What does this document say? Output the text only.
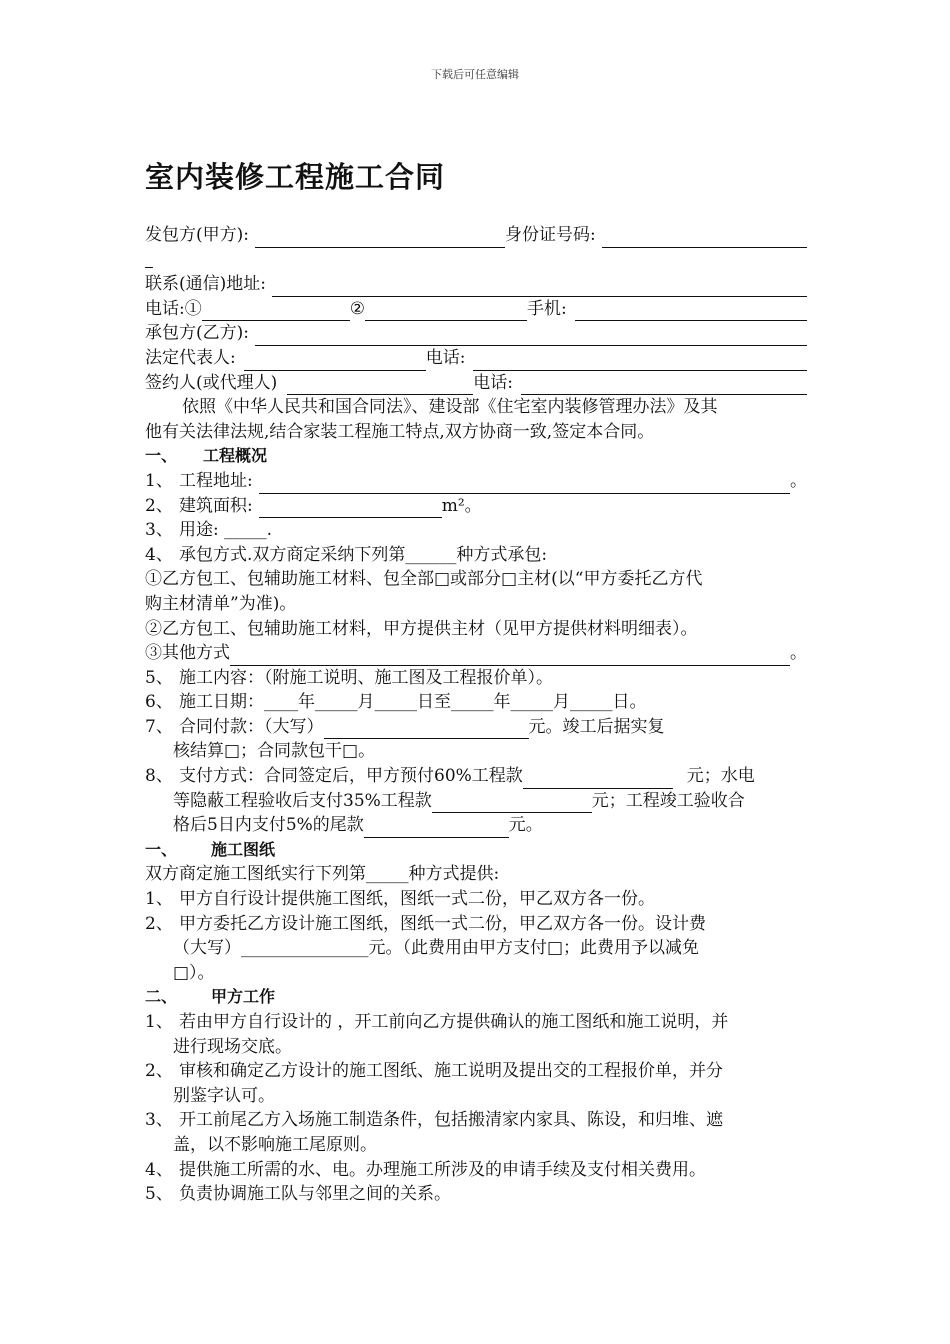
下载后可任意编辑
室内装修工程施工合同
发包方(甲方):	身份证号码:
联系(通信)地址:
电话:①	②	手机:
承包方(乙方):
法定代表人:	电话:
签约人(或代理人)	电话:
依照《中华人民共和国合同法》、建设部《住宅室内装修管理办法》及其
他有关法律法规,结合家装工程施工特点,双方协商一致,签定本合同。
一、 工程概况
1、 工程地址:	。
2、 建筑面积:	m²。
3、 用途: _____.
4、 承包方式.双方商定采纳下列第______种方式承包:
①乙方包工、包辅助施工材料、包全部□或部分□主材(以“甲方委托乙方代
购主材清单”为准)。
②乙方包工、包辅助施工材料，甲方提供主材（见甲方提供材料明细表）。
③其他方式	。
5、 施工内容：（附施工说明、施工图及工程报价单）。
6、 施工日期：____年_____月_____日至_____年_____月_____日。
7、 合同付款：（大写）	元。竣工后据实复
核结算□；合同款包干□。
8、 支付方式：合同签定后，甲方预付60%工程款	元；水电
等隐蔽工程验收后支付35%工程款	元；工程竣工验收合
格后5日内支付5%的尾款	元。
一、 施工图纸
双方商定施工图纸实行下列第_____种方式提供:
1、 甲方自行设计提供施工图纸，图纸一式二份，甲乙双方各一份。
2、 甲方委托乙方设计施工图纸，图纸一式二份，甲乙双方各一份。设计费
（大写）_______________元。（此费用由甲方支付□；此费用予以减免
□）。
二、 甲方工作
1、 若由甲方自行设计的 ，开工前向乙方提供确认的施工图纸和施工说明，并
进行现场交底。
2、 审核和确定乙方设计的施工图纸、施工说明及提出交的工程报价单，并分
别鉴字认可。
3、 开工前尾乙方入场施工制造条件，包括搬清家内家具、陈设，和归堆、遮
盖，以不影响施工尾原则。
4、 提供施工所需的水、电。办理施工所涉及的申请手续及支付相关费用。
5、 负责协调施工队与邻里之间的关系。
